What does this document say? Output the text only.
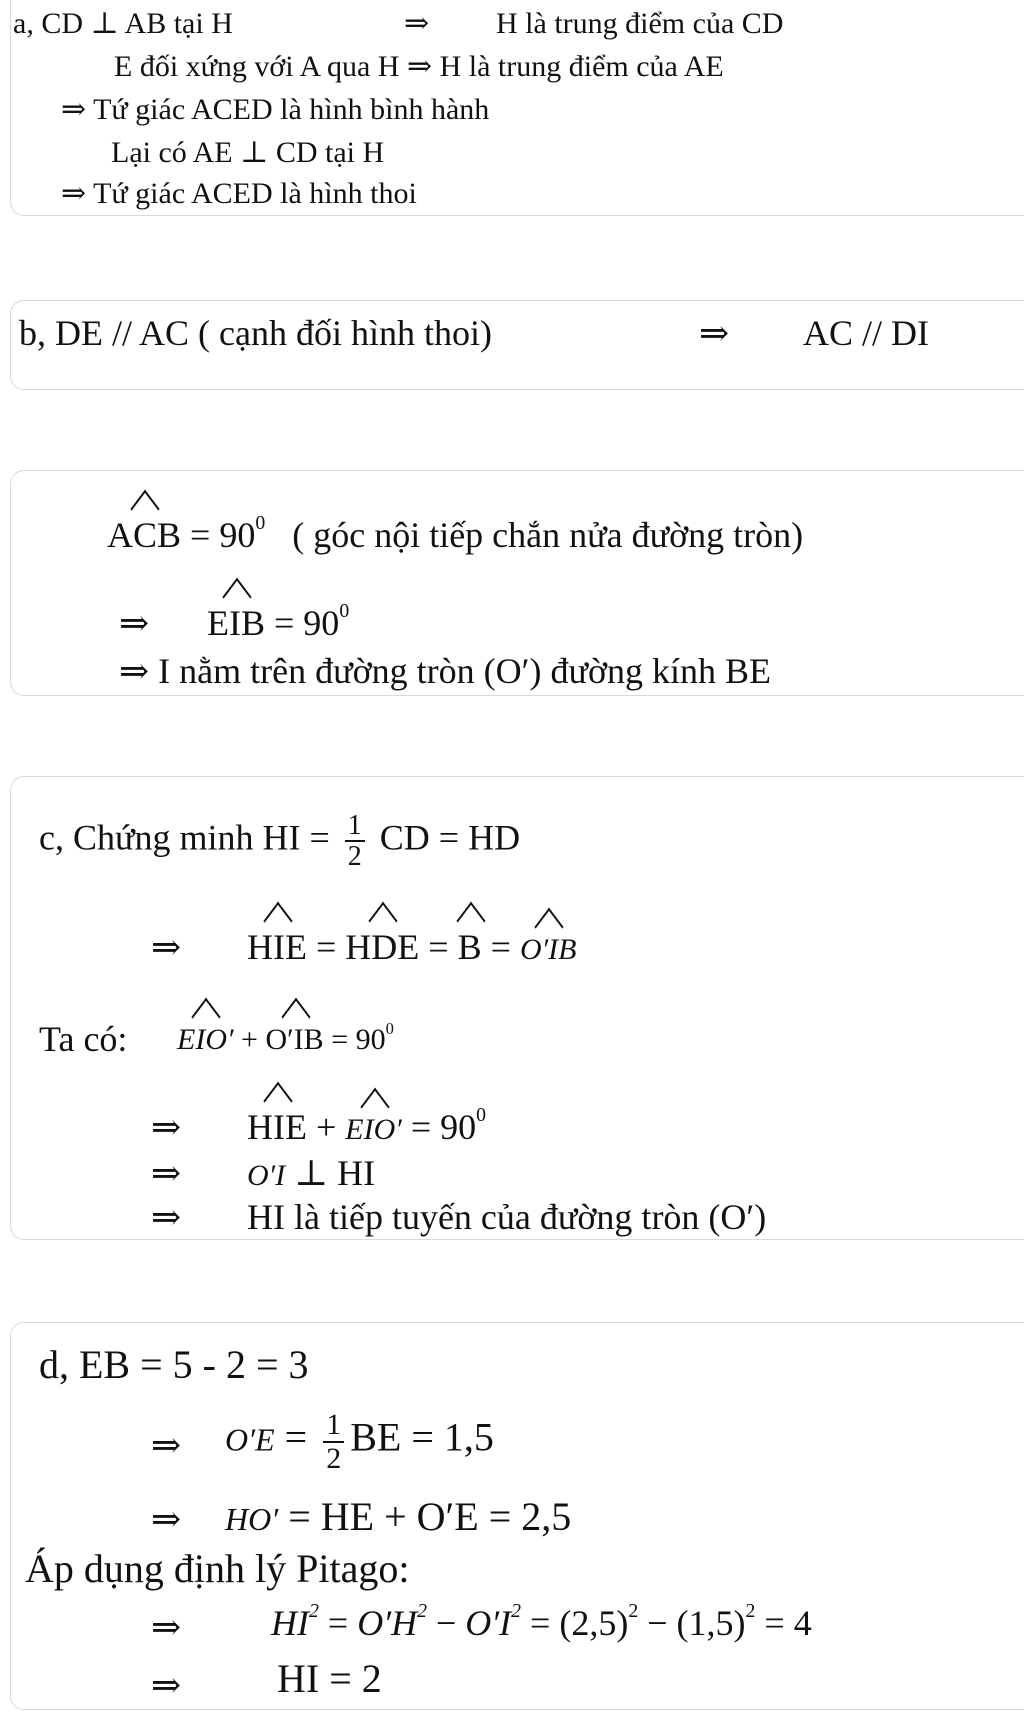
a, CD ⊥ AB tại H	⇒ H là trung điểm của CD
E đối xứng với A qua H ⇒ H là trung điểm của AE
⇒ Tứ giác ACED là hình bình hành
Lại có AE ⊥ CD tại H
⇒ Tứ giác ACED là hình thoi
b, DE // AC ( cạnh đối hình thoi)	⇒ AC // DI
ACB = $90^0$ ( góc nội tiếp chắn nửa đường tròn)
⇒ EIB = $90^0$
⇒ I nằm trên đường tròn (O′) đường kính BE
c, Chứng minh HI = $\frac{1}{2}$ CD = HD
⇒ HIE = HDE = B = O′IB
Ta có: $EIO' + O'IB = 90^0$
⇒ HIE + $EIO' = 90^0$
⇒ O′I ⊥ HI
⇒ HI là tiếp tuyến của đường tròn (O′)
d, EB = 5 - 2 = 3
⇒ $O'E = \frac{1}{2}$ BE = 1,5
⇒ HO′ = HE + O′E = 2,5
Áp dụng định lý Pitago:
⇒ $HI^2 = O'H^2 - O'I^2 = (2,5)^2 - (1,5)^2 = 4$
⇒ HI = 2
